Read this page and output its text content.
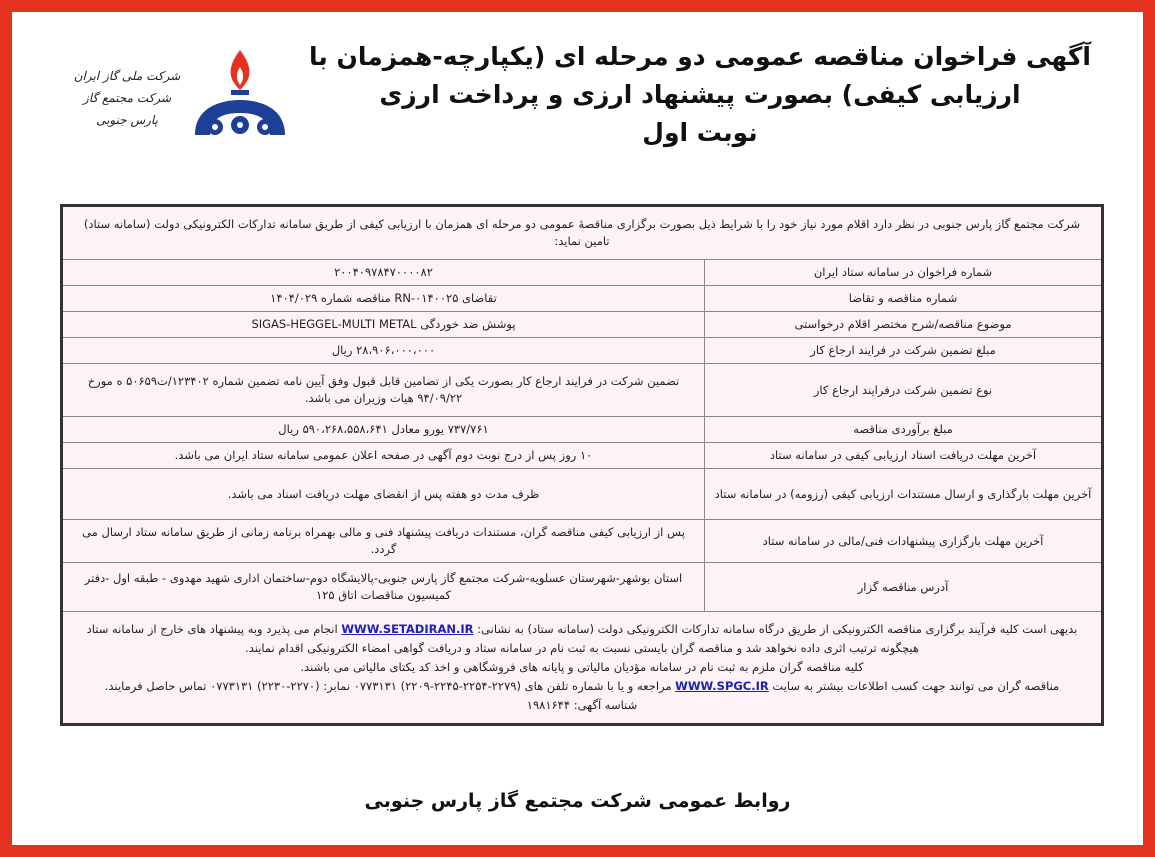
آگهی فراخوان مناقصه عمومی دو مرحله ای (یکپارچه-همزمان با ارزیابی کیفی) بصورت پیشنهاد ارزی و پرداخت ارزی
نوبت اول
شرکت ملی گاز ایران
شرکت مجتمع گاز پارس جنوبی
شرکت مجتمع گاز پارس جنوبی در نظر دارد اقلام مورد نیاز خود را با شرایط ذیل بصورت برگزاری مناقصۀ عمومی دو مرحله ای همزمان با ارزیابی کیفی از طریق سامانه تدارکات الکترونیکی دولت (سامانه ستاد) تامین نماید:	
شماره فراخوان در سامانه ستاد ایران	۲۰۰۴۰۹۷۸۴۷۰۰۰۰۸۲
شماره مناقصه و تقاضا	تقاضای RN-۰۱۴۰۰۲۵ مناقصه شماره ۱۴۰۴/۰۲۹
موضوع مناقصه/شرح مختصر اقلام درخواستی	پوشش ضد خوردگی SIGAS-HEGGEL-MULTI METAL
مبلغ تضمین شرکت در فرایند ارجاع کار	۲۸،۹۰۶،۰۰۰،۰۰۰ ریال
نوع تضمین شرکت درفرایند ارجاع کار	تضمین شرکت در فرایند ارجاع کار بصورت یکی از تضامین قابل قبول وفق آیین نامه تضمین شماره ۱۲۳۴۰۲/ت۵۰۶۵۹ ه مورخ ۹۴/۰۹/۲۲ هیات وزیران می باشد.
مبلغ برآوردی مناقصه	۷۳۷/۷۶۱ یورو معادل ۵۹۰،۲۶۸،۵۵۸،۶۴۱ ریال
آخرین مهلت دریافت اسناد ارزیابی کیفی در سامانه ستاد	۱۰ روز پس از درج نوبت دوم آگهی در صفحه اعلان عمومی سامانه ستاد ایران می باشد.
آخرین مهلت بارگذاری و ارسال مستندات ارزیابی کیفی (رزومه) در سامانه ستاد	ظرف مدت دو هفته پس از انقضای مهلت دریافت اسناد می باشد.
آخرین مهلت بارگزاری پیشنهادات فنی/مالی در سامانه ستاد	پس از ارزیابی کیفی مناقصه گران، مستندات دریافت پیشنهاد فنی و مالی بهمراه برنامه زمانی از طریق سامانه ستاد ارسال می گردد.
آدرس مناقصه گزار	استان بوشهر-شهرستان عسلویه-شرکت مجتمع گاز پارس جنوبی-پالایشگاه دوم-ساختمان اداری شهید مهدوی - طبقه اول -دفتر کمیسیون مناقصات اتاق ۱۲۵

بدیهی است کلیه فرآیند برگزاری مناقصه الکترونیکی از طریق درگاه سامانه تدارکات الکترونیکی دولت (سامانه ستاد) به نشانی: WWW.SETADIRAN.IR انجام می پذیرد وبه پیشنهاد های خارج از سامانه ستاد هیچگونه ترتیب اثری داده نخواهد شد و مناقصه گران بایستی نسبت به ثبت نام در سامانه ستاد و دریافت گواهی امضاء الکترونیکی اقدام نمایند.
کلیه مناقصه گران ملزم به ثبت نام در سامانه مؤدیان مالیاتی و پایانه های فروشگاهی و اخذ کد یکتای مالیاتی می باشند.
مناقصه گران می توانند جهت کسب اطلاعات بیشتر به سایت WWW.SPGC.IR مراجعه و یا با شماره تلفن های (۲۲۷۹-۲۲۵۴-۲۲۴۵-۲۲۰۹) ۰۷۷۳۱۳۱ نمابر: (۲۲۷۰-۲۲۳۰) ۰۷۷۳۱۳۱ تماس حاصل فرمایند.
شناسه آگهی: ۱۹۸۱۶۴۴	
روابط عمومی شرکت مجتمع گاز پارس جنوبی
